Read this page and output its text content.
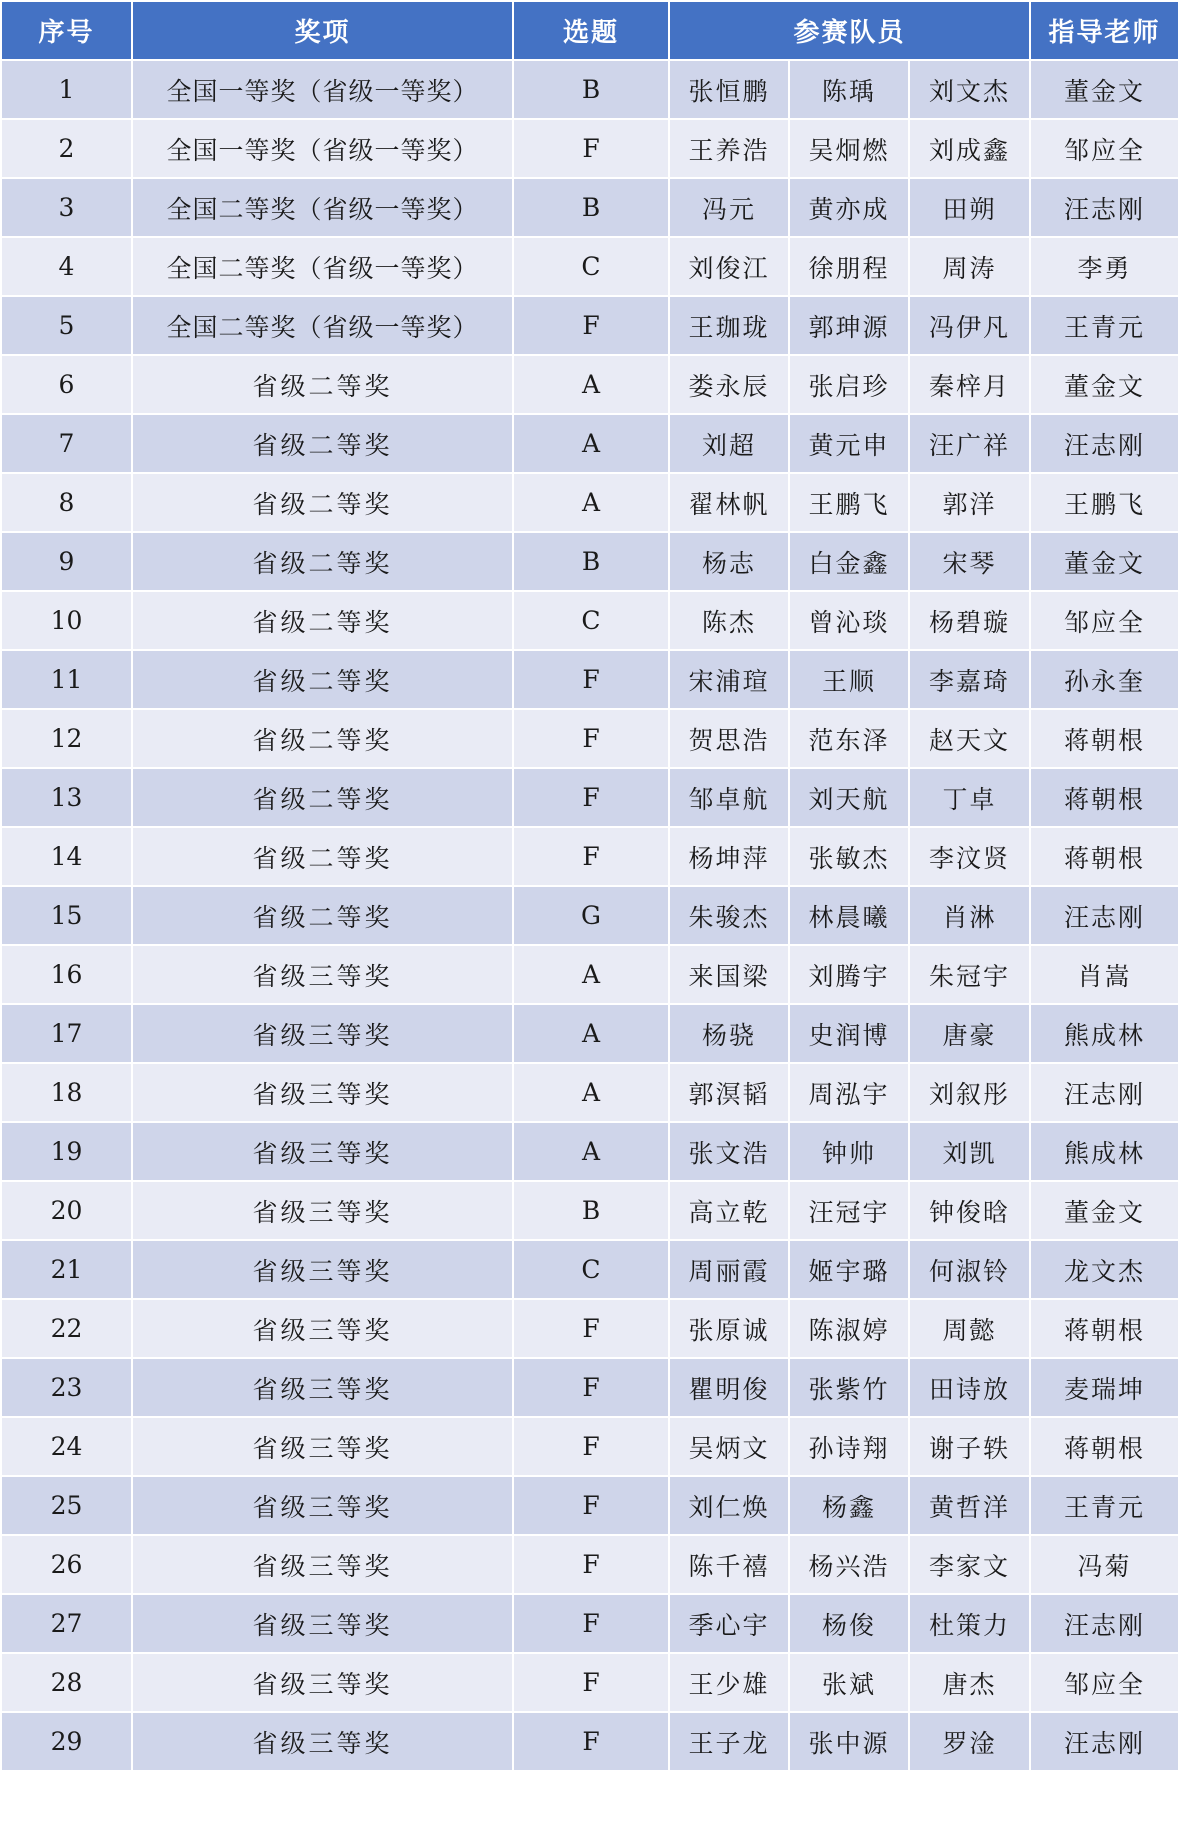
序号	奖项	选题	参赛队员			指导老师
1	全国一等奖（省级一等奖）	B	张恒鹏	陈瑀	刘文杰	董金文
2	全国一等奖（省级一等奖）	F	王养浩	吴炯燃	刘成鑫	邹应全
3	全国二等奖（省级一等奖）	B	冯元	黄亦成	田朔	汪志刚
4	全国二等奖（省级一等奖）	C	刘俊江	徐朋程	周涛	李勇
5	全国二等奖（省级一等奖）	F	王珈珑	郭珅源	冯伊凡	王青元
6	省级二等奖	A	娄永辰	张启珍	秦梓月	董金文
7	省级二等奖	A	刘超	黄元申	汪广祥	汪志刚
8	省级二等奖	A	翟林帆	王鹏飞	郭洋	王鹏飞
9	省级二等奖	B	杨志	白金鑫	宋琴	董金文
10	省级二等奖	C	陈杰	曾沁琰	杨碧璇	邹应全
11	省级二等奖	F	宋浦瑄	王顺	李嘉琦	孙永奎
12	省级二等奖	F	贺思浩	范东泽	赵天文	蒋朝根
13	省级二等奖	F	邹卓航	刘天航	丁卓	蒋朝根
14	省级二等奖	F	杨坤萍	张敏杰	李汶贤	蒋朝根
15	省级二等奖	G	朱骏杰	林晨曦	肖淋	汪志刚
16	省级三等奖	A	来国梁	刘腾宇	朱冠宇	肖嵩
17	省级三等奖	A	杨骁	史润博	唐豪	熊成林
18	省级三等奖	A	郭溟韬	周泓宇	刘叙彤	汪志刚
19	省级三等奖	A	张文浩	钟帅	刘凯	熊成林
20	省级三等奖	B	高立乾	汪冠宇	钟俊晗	董金文
21	省级三等奖	C	周丽霞	姬宇璐	何淑铃	龙文杰
22	省级三等奖	F	张原诚	陈淑婷	周懿	蒋朝根
23	省级三等奖	F	瞿明俊	张紫竹	田诗放	麦瑞坤
24	省级三等奖	F	吴炳文	孙诗翔	谢子轶	蒋朝根
25	省级三等奖	F	刘仁焕	杨鑫	黄哲洋	王青元
26	省级三等奖	F	陈千禧	杨兴浩	李家文	冯菊
27	省级三等奖	F	季心宇	杨俊	杜策力	汪志刚
28	省级三等奖	F	王少雄	张斌	唐杰	邹应全
29	省级三等奖	F	王子龙	张中源	罗淦	汪志刚
